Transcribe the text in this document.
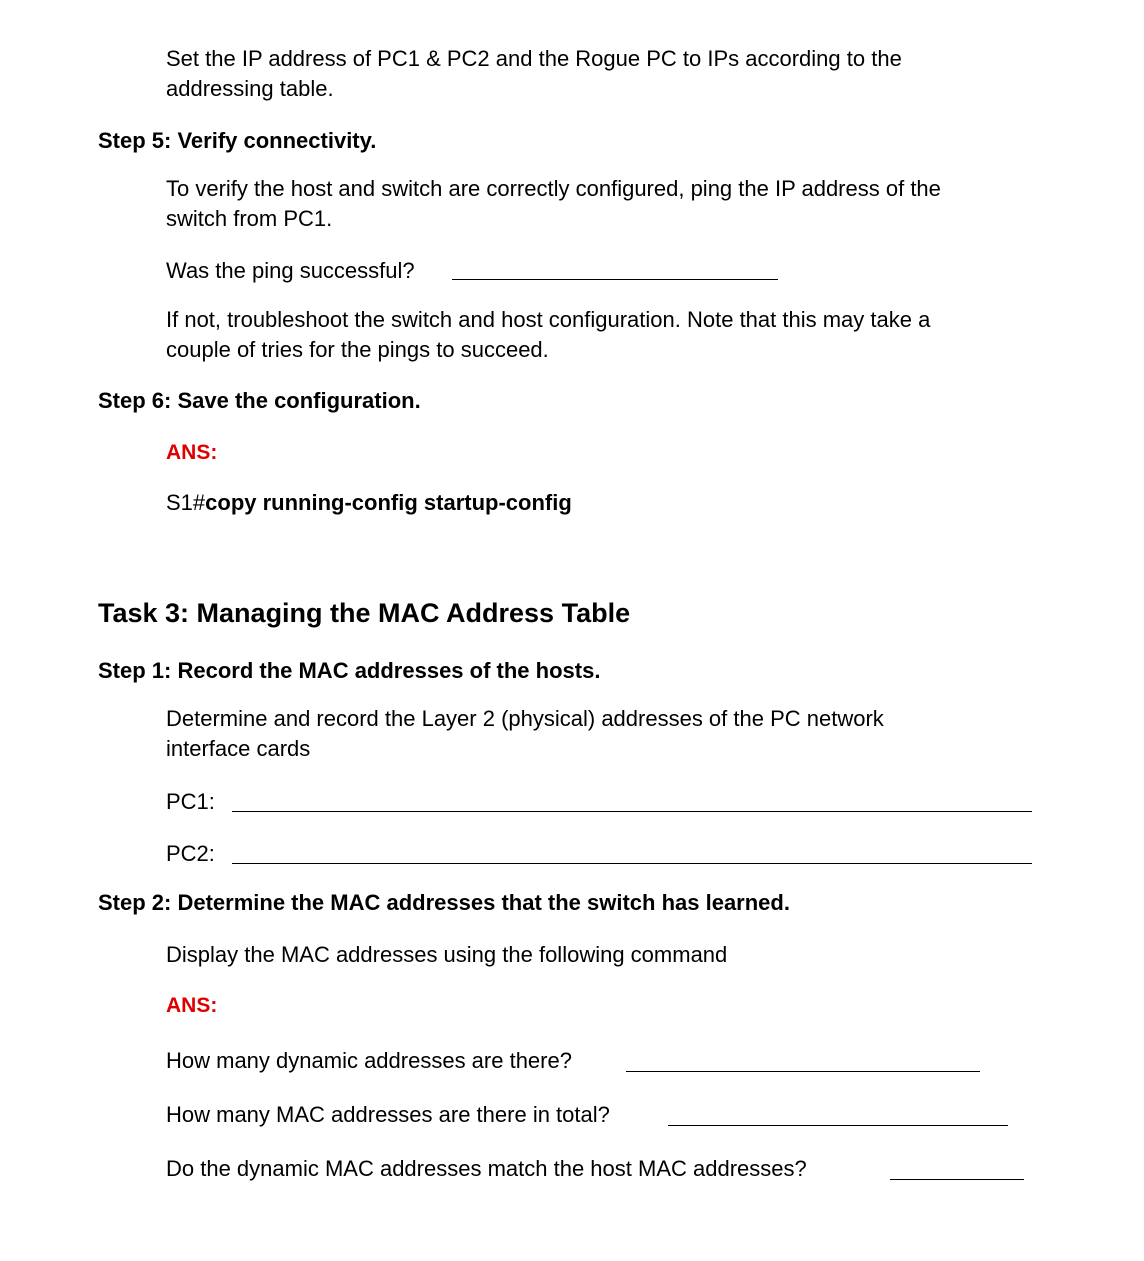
Set the IP address of PC1 & PC2 and the Rogue PC to IPs according to the

addressing table.

Step 5: Verify connectivity.

To verify the host and switch are correctly configured, ping the IP address of the

switch from PC1.

Was the ping successful?

If not, troubleshoot the switch and host configuration. Note that this may take a

couple of tries for the pings to succeed.

Step 6: Save the configuration.

ANS:

S1#copy running-config startup-config

Task 3: Managing the MAC Address Table
Step 1: Record the MAC addresses of the hosts.

Determine and record the Layer 2 (physical) addresses of the PC network

interface cards

PC1:

PC2:

Step 2: Determine the MAC addresses that the switch has learned.

Display the MAC addresses using the following command

ANS:

How many dynamic addresses are there?

How many MAC addresses are there in total?

Do the dynamic MAC addresses match the host MAC addresses?
